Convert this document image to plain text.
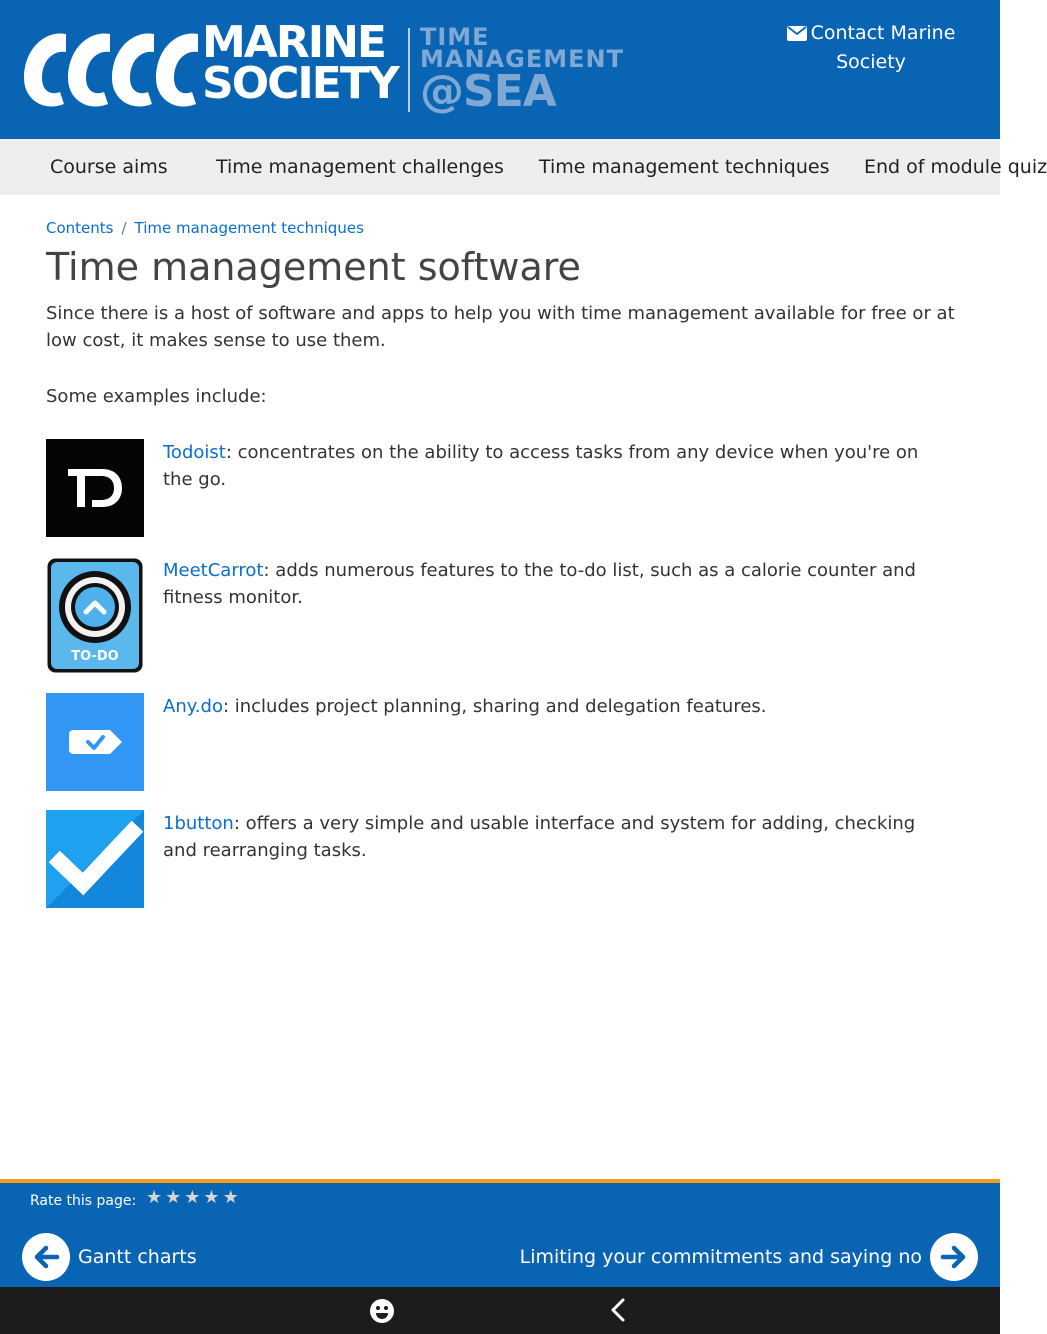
MARINE
SOCIETY
TIME
MANAGEMENT
@SEA
Contact Marine Society
Course aims	Time management challenges Time management techniques End of module quiz
Contents / Time management techniques
Time management software

Since there is a host of software and apps to help you with time management available for free or at low cost, it makes sense to use them.

Some examples include:

Todoist: concentrates on the ability to access tasks from any device when you're on the go.
TO-DO
MeetCarrot: adds numerous features to the to-do list, such as a calorie counter and fitness monitor.
Any.do: includes project planning, sharing and delegation features.
1button: offers a very simple and usable interface and system for adding, checking and rearranging tasks.
Rate this page: ★ ★ ★ ★ ★
Gantt charts	Limiting your commitments and saying no
